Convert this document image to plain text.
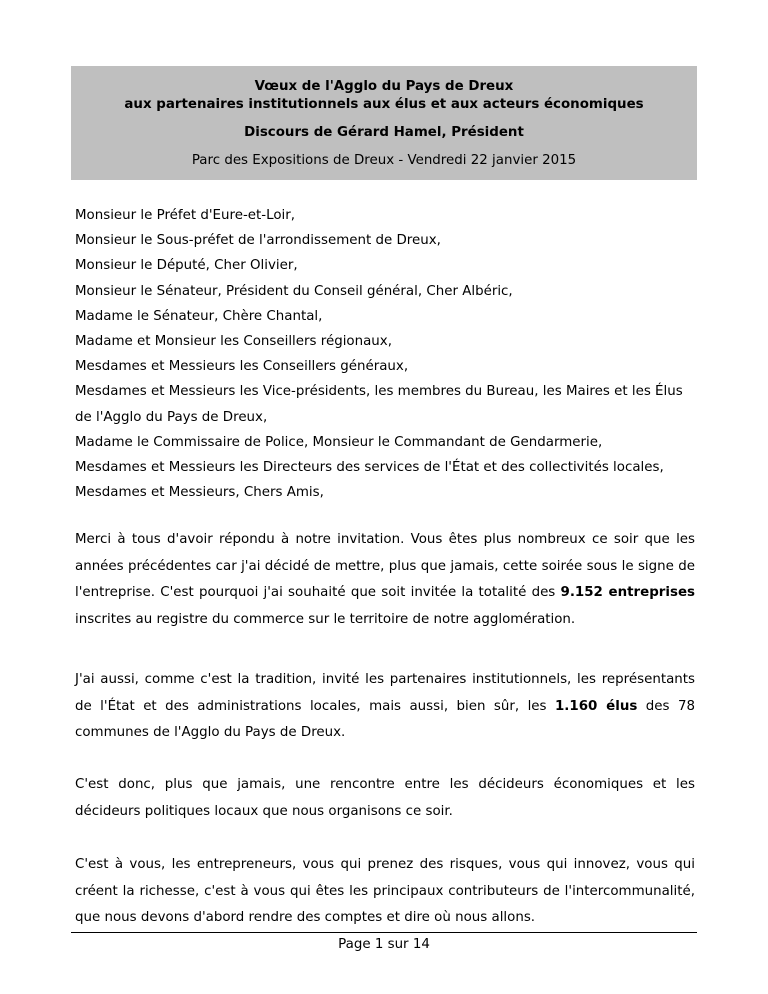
Vœux de l'Agglo du Pays de Dreux
aux partenaires institutionnels aux élus et aux acteurs économiques

Discours de Gérard Hamel, Président

Parc des Expositions de Dreux - Vendredi 22 janvier 2015

Monsieur le Préfet d'Eure-et-Loir,
Monsieur le Sous-préfet de l'arrondissement de Dreux,
Monsieur le Député, Cher Olivier,
Monsieur le Sénateur, Président du Conseil général, Cher Albéric,
Madame le Sénateur, Chère Chantal,
Madame et Monsieur les Conseillers régionaux,
Mesdames et Messieurs les Conseillers généraux,
Mesdames et Messieurs les Vice-présidents, les membres du Bureau, les Maires et les Élus de l'Agglo du Pays de Dreux,
Madame le Commissaire de Police, Monsieur le Commandant de Gendarmerie,
Mesdames et Messieurs les Directeurs des services de l'État et des collectivités locales,
Mesdames et Messieurs, Chers Amis,

Merci à tous d'avoir répondu à notre invitation. Vous êtes plus nombreux ce soir que les années précédentes car j'ai décidé de mettre, plus que jamais, cette soirée sous le signe de l'entreprise. C'est pourquoi j'ai souhaité que soit invitée la totalité des 9.152 entreprises inscrites au registre du commerce sur le territoire de notre agglomération.

J'ai aussi, comme c'est la tradition, invité les partenaires institutionnels, les représentants de l'État et des administrations locales, mais aussi, bien sûr, les 1.160 élus des 78 communes de l'Agglo du Pays de Dreux.

C'est donc, plus que jamais, une rencontre entre les décideurs économiques et les décideurs politiques locaux que nous organisons ce soir.

C'est à vous, les entrepreneurs, vous qui prenez des risques, vous qui innovez, vous qui créent la richesse, c'est à vous qui êtes les principaux contributeurs de l'intercommunalité, que nous devons d'abord rendre des comptes et dire où nous allons.

Page 1 sur 14
